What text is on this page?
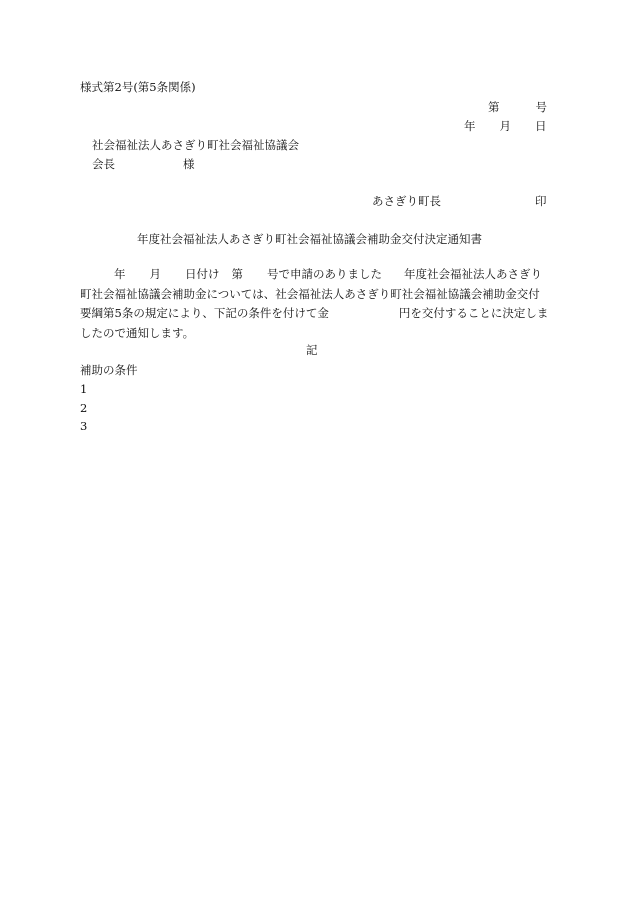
様式第2号(第5条関係)
第	号
年 月 日
社会福祉法人あさぎり町社会福祉協議会
会長	様
あさぎり町長	印
年度社会福祉法人あさぎり町社会福祉協議会補助金交付決定通知書
年 月 日付け 第 号で申請のありました 年度社会福祉法人あさぎり
町社会福祉協議会補助金については、社会福祉法人あさぎり町社会福祉協議会補助金交付
要綱第5条の規定により、下記の条件を付けて金	円を交付することに決定しま
したので通知します。
記
補助の条件
1
2
3
